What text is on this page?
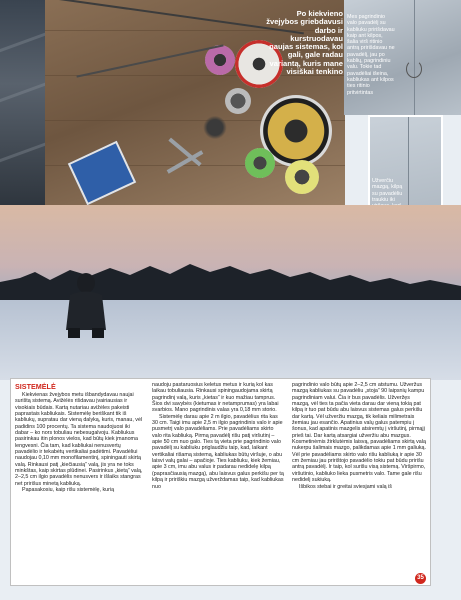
Po kiekvieno žvejybos griebdavusi darbo ir kurstruodavau naujas sistemas, kol gali, gale radau variantą, kuris mane visiškai tenkino
Mes pagrindinio valo pavadėlį su kabliuku pririšdavau kaip ant kilpos, šalia virš ritinio antrą pririšdavau ne pavadėlį, jau po kablių, pagrindiniu valu. Tokie tad pavadėliai išeina, kabliukas ant kilpos ties ritinio pritvirtintas
Užverčiu mazgą, kilpą su pavadėliu traukiu iki
SISTEMĖLĖ

Kiekvienas žvejybos metu išbandydavau naujai surištą sistemą. Avižėlės rišdavau įvairiausias ir visokiais būdais. Kartą nutariau avižėles pakeisti paprastais kabliukais. Sistemėlę beriškant tik iš kabliukų, supratau dar vieną dalyką, kuris, manau, vėl padidins 100 procentų. Ta sistema naudojuosi iki dabar – ko nors tobuliau nebesugalvoju. Kabliukus pasirinkau itin plonos vielos, kad būtų kiek įmanoma lengvesni. Čia tam, kad kabliukai nenusvertų pavadėlio ir tekabėtų vertikaliai padėtimi. Pavadėliui naudojau 0,10 mm monofilamentinį, spiningauti skirtą valą. Rinkausi patį „kiečiausią“ valą, jis yra ne toks minkštas, kaip skirtas plūdinei. Pasirinkus „kietą“ valą, 2–2,5 cm ilgio pavadėlis nenusvers ir išlaiks stangras net pririšus minetą kabliuką.

Papasakosiu, kaip rišu sistemėlę, kurią

naudoju pastaruosius keletus metus ir kurią kol kas laikau tobuliausia. Rinkausi spiningaudojama skirtą pagrindinį valą, kuris „kietas“ ir kuo mažiau tamprus. Šios dvi savybės (kietumas ir netamprumas) yra labai svarbios. Mano pagrindinis valas yra 0,18 mm storio.

Sistemėlę darau apie 2 m ilgio, pavadėlius rita kas 30 cm. Taigi imu apie 2,5 m ilgio pagrindinis valo ir apie pusmetrį valo pavadėliams. Prie pavadėliams skirto valo rita kabliuką. Pirmą pavadėlį rišu patį viršutinį – apie 50 cm nuo galo. Ties tą vieta prie pagrindinio valo pavadėlį su kabliuku priglaudžiu taip, kad, laikant vertikaliai rišamą sistemą, kabliukas būtų viršuje, o abu laisvi valų galai – apačioje. Ties kabliuku, kiek žemiau, apie 3 cm, imu abu valus ir padarau nedidelę kilpą (paprasčiausią mazgą), abu laisvus galus perkišu per tą kilpą ir pririškiu mazgą užverždamas taip, kad kabliukas nuo

pagrindinio valo būtų apie 2–2,5 cm atstumu. Užveržus mazgą kabliukas su pavadėliu „stoja“ 90 laipsnių kampu pagrindiniam valui. Čia ir bus pavadėlis. Užveržęs mazgą, vėl ties ta pačia vieta darau dar vieną tokią pat kilpą ir tuo pat būdu abu laisvus sistemas galus perkišu dar kartą. Vėl užveržiu mazgą, tik keliais milimetrais žemiau jau esančio. Apatinius valų galus patempiu į šonus, kad apatinis mazgelis atsiremtų į viršutinį, pirmąjį prieš tai. Dar kartą atsargiai užveržiu abu mazgus. Kosmetinėmis žirklutėmis laisvą, pavadėliams skirtą valą nukerpu šalimais mazgo, palikdamas apie 1 mm galiuką. Vėl prie pavadėliams skirto valo rišu kabliuką ir apie 30 cm žemiau jau pririštojo pavadėlio tokiu pat būdu pririšu antrą pavadėlį. Ir taip, kol surišu visą sistemą. Viršpirmo, viršutinio, kabliuko lieka pusmetris valo. Tame gale rišu nedidelį sukiuką.

Išbikos stebai ir greitai sviesjami valą iš

35
